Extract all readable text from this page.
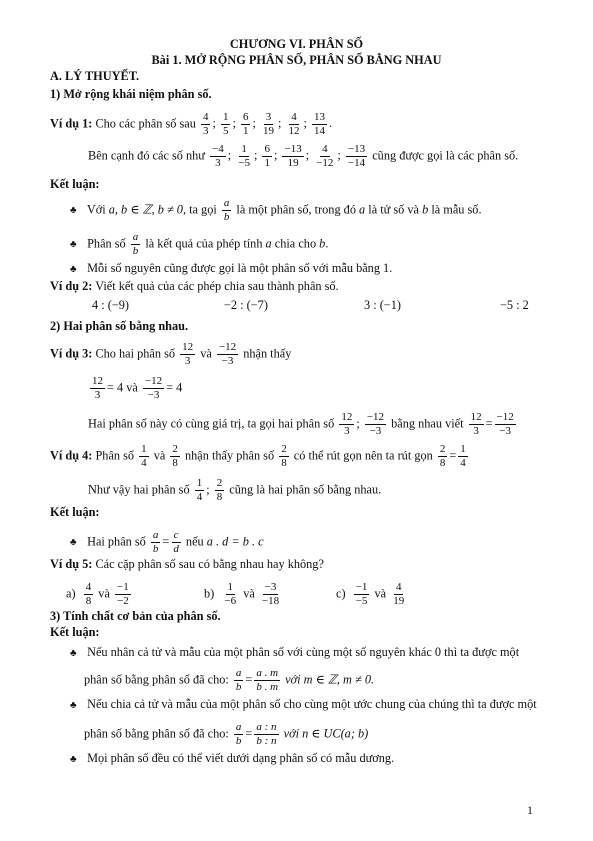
CHƯƠNG VI. PHÂN SỐ
Bài 1. MỞ RỘNG PHÂN SỐ, PHÂN SỐ BẰNG NHAU
A. LÝ THUYẾT.
1) Mở rộng khái niệm phân số.
Ví dụ 1: Cho các phân số sau $\frac{4}{3}$ ; $\frac{1}{5}$ ; $\frac{6}{1}$ ; $\frac{3}{19}$ ; $\frac{4}{12}$ ; $\frac{13}{14}$ .
Bên cạnh đó các số như $\frac{-4}{3}$ ; $\frac{1}{-5}$ ; $\frac{6}{1}$ ; $\frac{-13}{19}$ ; $\frac{4}{-12}$ ; $\frac{-13}{-14}$ cũng được gọi là các phân số.
Kết luận:
♣ Với a, b ∈ ℤ, b ≠ 0, ta gọi $\frac{a}{b}$ là một phân số, trong đó a là tử số và b là mẫu số.
♣ Phân số $\frac{a}{b}$ là kết quả của phép tính a chia cho b.
♣ Mỗi số nguyên cũng được gọi là một phân số với mẫu bằng 1.
Ví dụ 2: Viết kết quả của các phép chia sau thành phân số.
4 : (−9)	−2 : (−7)	3 : (−1)	−5 : 2
2) Hai phân số bằng nhau.
Ví dụ 3: Cho hai phân số $\frac{12}{3}$ và $\frac{-12}{-3}$ nhận thấy
$\frac{12}{3} = 4$ và $\frac{-12}{-3} = 4$
Hai phân số này có cùng giá trị, ta gọi hai phân số $\frac{12}{3}$ ; $\frac{-12}{-3}$ bằng nhau viết $\frac{12}{3} = \frac{-12}{-3}$
Ví dụ 4: Phân số $\frac{1}{4}$ và $\frac{2}{8}$ nhận thấy phân số $\frac{2}{8}$ có thể rút gọn nên ta rút gọn $\frac{2}{8} = \frac{1}{4}$
Như vậy hai phân số $\frac{1}{4}$ ; $\frac{2}{8}$ cũng là hai phân số bằng nhau.
Kết luận:
♣ Hai phân số $\frac{a}{b} = \frac{c}{d}$ nếu a . d = b . c
Ví dụ 5: Các cặp phân số sau có bằng nhau hay không?
$a) \frac{4}{8}$ và $\frac{-1}{-2}$	$b) \frac{1}{-6}$ và $\frac{-3}{-18}$	$c) \frac{-1}{-5}$ và $\frac{4}{19}$
3) Tính chất cơ bản của phân số.
Kết luận:
♣ Nếu nhân cả tử và mẫu của một phân số với cùng một số nguyên khác 0 thì ta được một
phân số bằng phân số đã cho: $\frac{a}{b} = \frac{a . m}{b . m}$ với m ∈ ℤ, m ≠ 0.
♣ Nếu chia cả tử và mẫu của một phân số cho cùng một ước chung của chúng thì ta được một
phân số bằng phân số đã cho: $\frac{a}{b} = \frac{a : n}{b : n}$ với n ∈ UC(a; b)
♣ Mọi phân số đều có thể viết dưới dạng phân số có mẫu dương.
1
